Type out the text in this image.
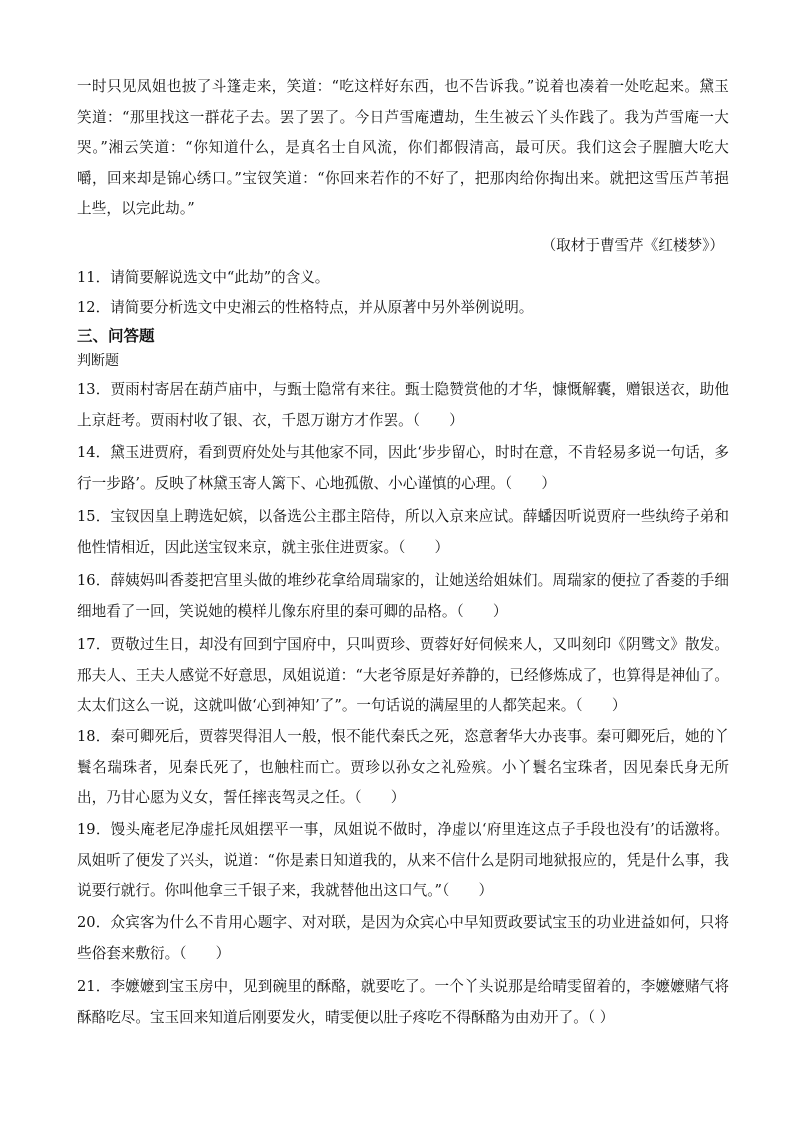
一时只见凤姐也披了斗篷走来，笑道：“吃这样好东西，也不告诉我。”说着也凑着一处吃起来。黛玉笑道：“那里找这一群花子去。罢了罢了。今日芦雪庵遭劫，生生被云丫头作践了。我为芦雪庵一大哭。”湘云笑道：“你知道什么，是真名士自风流，你们都假清高，最可厌。我们这会子腥膻大吃大嚼，回来却是锦心绣口。”宝钗笑道：“你回来若作的不好了，把那肉给你掏出来。就把这雪压芦苇挹上些，以完此劫。”
（取材于曹雪芹《红楼梦》）
11．请简要解说选文中“此劫”的含义。
12．请简要分析选文中史湘云的性格特点，并从原著中另外举例说明。
三、问答题
判断题
13．贾雨村寄居在葫芦庙中，与甄士隐常有来往。甄士隐赞赏他的才华，慷慨解囊，赠银送衣，助他上京赶考。贾雨村收了银、衣，千恩万谢方才作罢。（　　）
14．黛玉进贾府，看到贾府处处与其他家不同，因此‘步步留心，时时在意，不肯轻易多说一句话，多行一步路’。反映了林黛玉寄人篱下、心地孤傲、小心谨慎的心理。（　　）
15．宝钗因皇上聘选妃嫔，以备选公主郡主陪侍，所以入京来应试。薛蟠因听说贾府一些纨绔子弟和他性情相近，因此送宝钗来京，就主张住进贾家。（　　）
16．薛姨妈叫香菱把宫里头做的堆纱花拿给周瑞家的，让她送给姐妹们。周瑞家的便拉了香菱的手细细地看了一回，笑说她的模样儿像东府里的秦可卿的品格。（　　）
17．贾敬过生日，却没有回到宁国府中，只叫贾珍、贾蓉好好伺候来人，又叫刻印《阴骘文》散发。邢夫人、王夫人感觉不好意思，凤姐说道：“大老爷原是好养静的，已经修炼成了，也算得是神仙了。太太们这么一说，这就叫做‘心到神知’了”。一句话说的满屋里的人都笑起来。（　　）
18．秦可卿死后，贾蓉哭得泪人一般，恨不能代秦氏之死，恣意奢华大办丧事。秦可卿死后，她的丫鬟名瑞珠者，见秦氏死了，也触柱而亡。贾珍以孙女之礼殓殡。小丫鬟名宝珠者，因见秦氏身无所出，乃甘心愿为义女，誓任摔丧驾灵之任。（　　）
19．馒头庵老尼净虚托凤姐摆平一事，凤姐说不做时，净虚以‘府里连这点子手段也没有’的话激将。凤姐听了便发了兴头，说道：“你是素日知道我的，从来不信什么是阴司地狱报应的，凭是什么事，我说要行就行。你叫他拿三千银子来，我就替他出这口气。”（　　）
20．众宾客为什么不肯用心题字、对对联，是因为众宾心中早知贾政要试宝玉的功业进益如何，只将些俗套来敷衍。（　　）
21．李嬷嬷到宝玉房中，见到碗里的酥酪，就要吃了。一个丫头说那是给晴雯留着的，李嬷嬷赌气将酥酪吃尽。宝玉回来知道后刚要发火，晴雯便以肚子疼吃不得酥酪为由劝开了。（ ）
